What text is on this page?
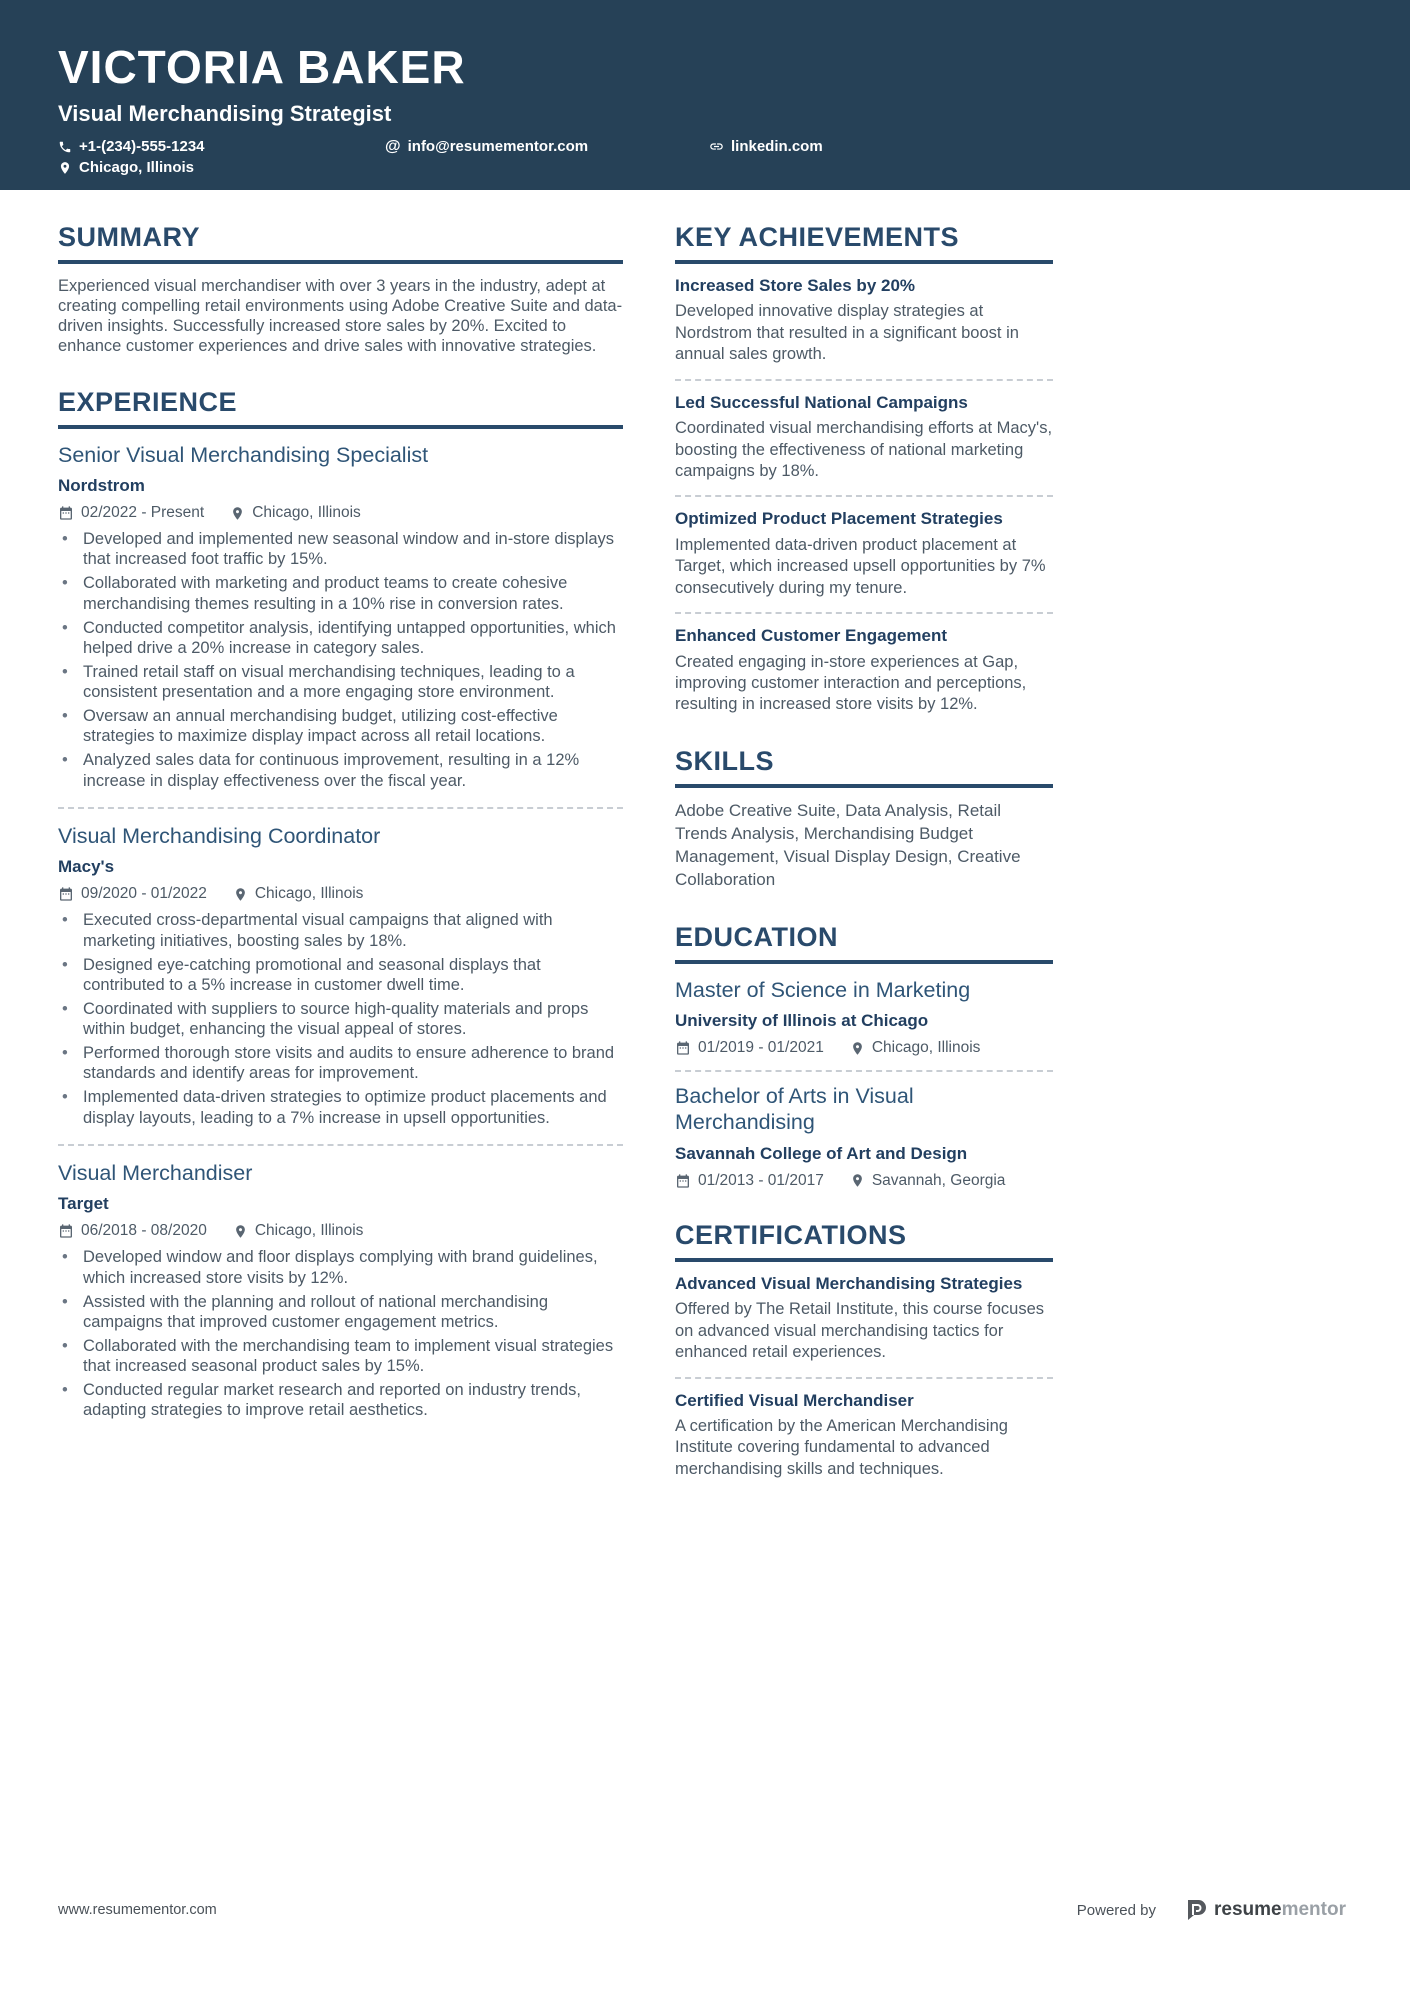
VICTORIA BAKER
Visual Merchandising Strategist
+1-(234)-555-1234	@ info@resumementor.com	linkedin.com
Chicago, Illinois
SUMMARY

Experienced visual merchandiser with over 3 years in the industry, adept at creating compelling retail environments using Adobe Creative Suite and data-driven insights. Successfully increased store sales by 20%. Excited to enhance customer experiences and drive sales with innovative strategies.

EXPERIENCE
Senior Visual Merchandising Specialist
Nordstrom
02/2022 - Present	Chicago, Illinois
• Developed and implemented new seasonal window and in-store displays that increased foot traffic by 15%.
• Collaborated with marketing and product teams to create cohesive merchandising themes resulting in a 10% rise in conversion rates.
• Conducted competitor analysis, identifying untapped opportunities, which helped drive a 20% increase in category sales.
• Trained retail staff on visual merchandising techniques, leading to a consistent presentation and a more engaging store environment.
• Oversaw an annual merchandising budget, utilizing cost-effective strategies to maximize display impact across all retail locations.
• Analyzed sales data for continuous improvement, resulting in a 12% increase in display effectiveness over the fiscal year.
Visual Merchandising Coordinator
Macy's
09/2020 - 01/2022	Chicago, Illinois
• Executed cross-departmental visual campaigns that aligned with marketing initiatives, boosting sales by 18%.
• Designed eye-catching promotional and seasonal displays that contributed to a 5% increase in customer dwell time.
• Coordinated with suppliers to source high-quality materials and props within budget, enhancing the visual appeal of stores.
• Performed thorough store visits and audits to ensure adherence to brand standards and identify areas for improvement.
• Implemented data-driven strategies to optimize product placements and display layouts, leading to a 7% increase in upsell opportunities.
Visual Merchandiser
Target
06/2018 - 08/2020	Chicago, Illinois
• Developed window and floor displays complying with brand guidelines, which increased store visits by 12%.
• Assisted with the planning and rollout of national merchandising campaigns that improved customer engagement metrics.
• Collaborated with the merchandising team to implement visual strategies that increased seasonal product sales by 15%.
• Conducted regular market research and reported on industry trends, adapting strategies to improve retail aesthetics.
KEY ACHIEVEMENTS
Increased Store Sales by 20%

Developed innovative display strategies at Nordstrom that resulted in a significant boost in annual sales growth.

Led Successful National Campaigns

Coordinated visual merchandising efforts at Macy's, boosting the effectiveness of national marketing campaigns by 18%.

Optimized Product Placement Strategies

Implemented data-driven product placement at Target, which increased upsell opportunities by 7% consecutively during my tenure.

Enhanced Customer Engagement

Created engaging in-store experiences at Gap, improving customer interaction and perceptions, resulting in increased store visits by 12%.

SKILLS

Adobe Creative Suite, Data Analysis, Retail Trends Analysis, Merchandising Budget Management, Visual Display Design, Creative Collaboration

EDUCATION
Master of Science in Marketing
University of Illinois at Chicago
01/2019 - 01/2021	Chicago, Illinois
Bachelor of Arts in Visual Merchandising
Savannah College of Art and Design
01/2013 - 01/2017	Savannah, Georgia
CERTIFICATIONS
Advanced Visual Merchandising Strategies

Offered by The Retail Institute, this course focuses on advanced visual merchandising tactics for enhanced retail experiences.

Certified Visual Merchandiser

A certification by the American Merchandising Institute covering fundamental to advanced merchandising skills and techniques.

www.resumementor.com	Powered by	resumementor
